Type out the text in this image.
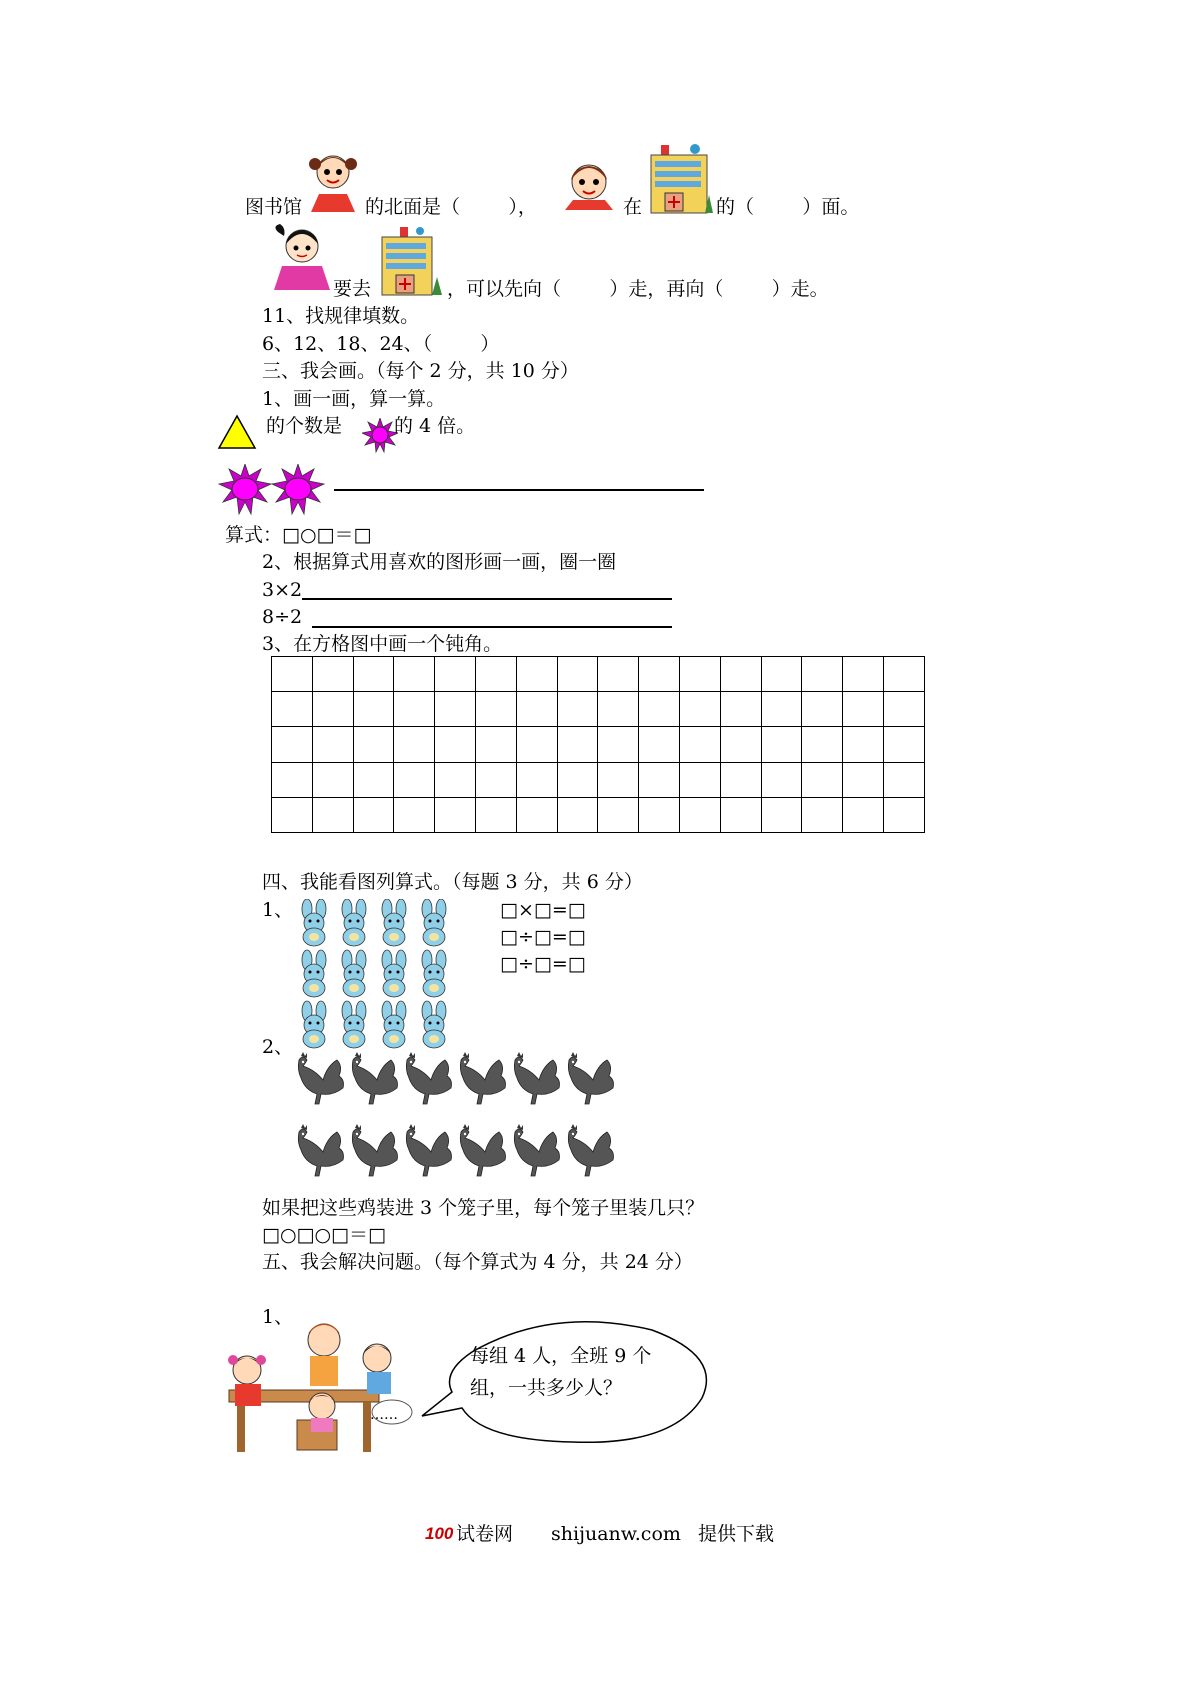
图书馆	的北面是（        ），	在	的（        ）面。
要去	，可以先向（        ）走，再向（        ）走。
11、找规律填数。
6、12、18、24、（        ）
三、我会画。（每个 2 分，共 10 分）
1、画一画，算一算。
的个数是	的 4 倍。
算式：□○□＝□
2、根据算式用喜欢的图形画一画，圈一圈
3×2
8÷2
3、在方格图中画一个钝角。

四、我能看图列算式。（每题 3 分，共 6 分）
1、	□×□=□
□÷□=□
□÷□=□
2、
如果把这些鸡装进 3 个笼子里，每个笼子里装几只？
□○□○□＝□
五、我会解决问题。（每个算式为 4 分，共 24 分）
1、
……
每组 4 人，全班 9 个组，一共多少人？
100 试卷网 shijuanw.com 提供下载
